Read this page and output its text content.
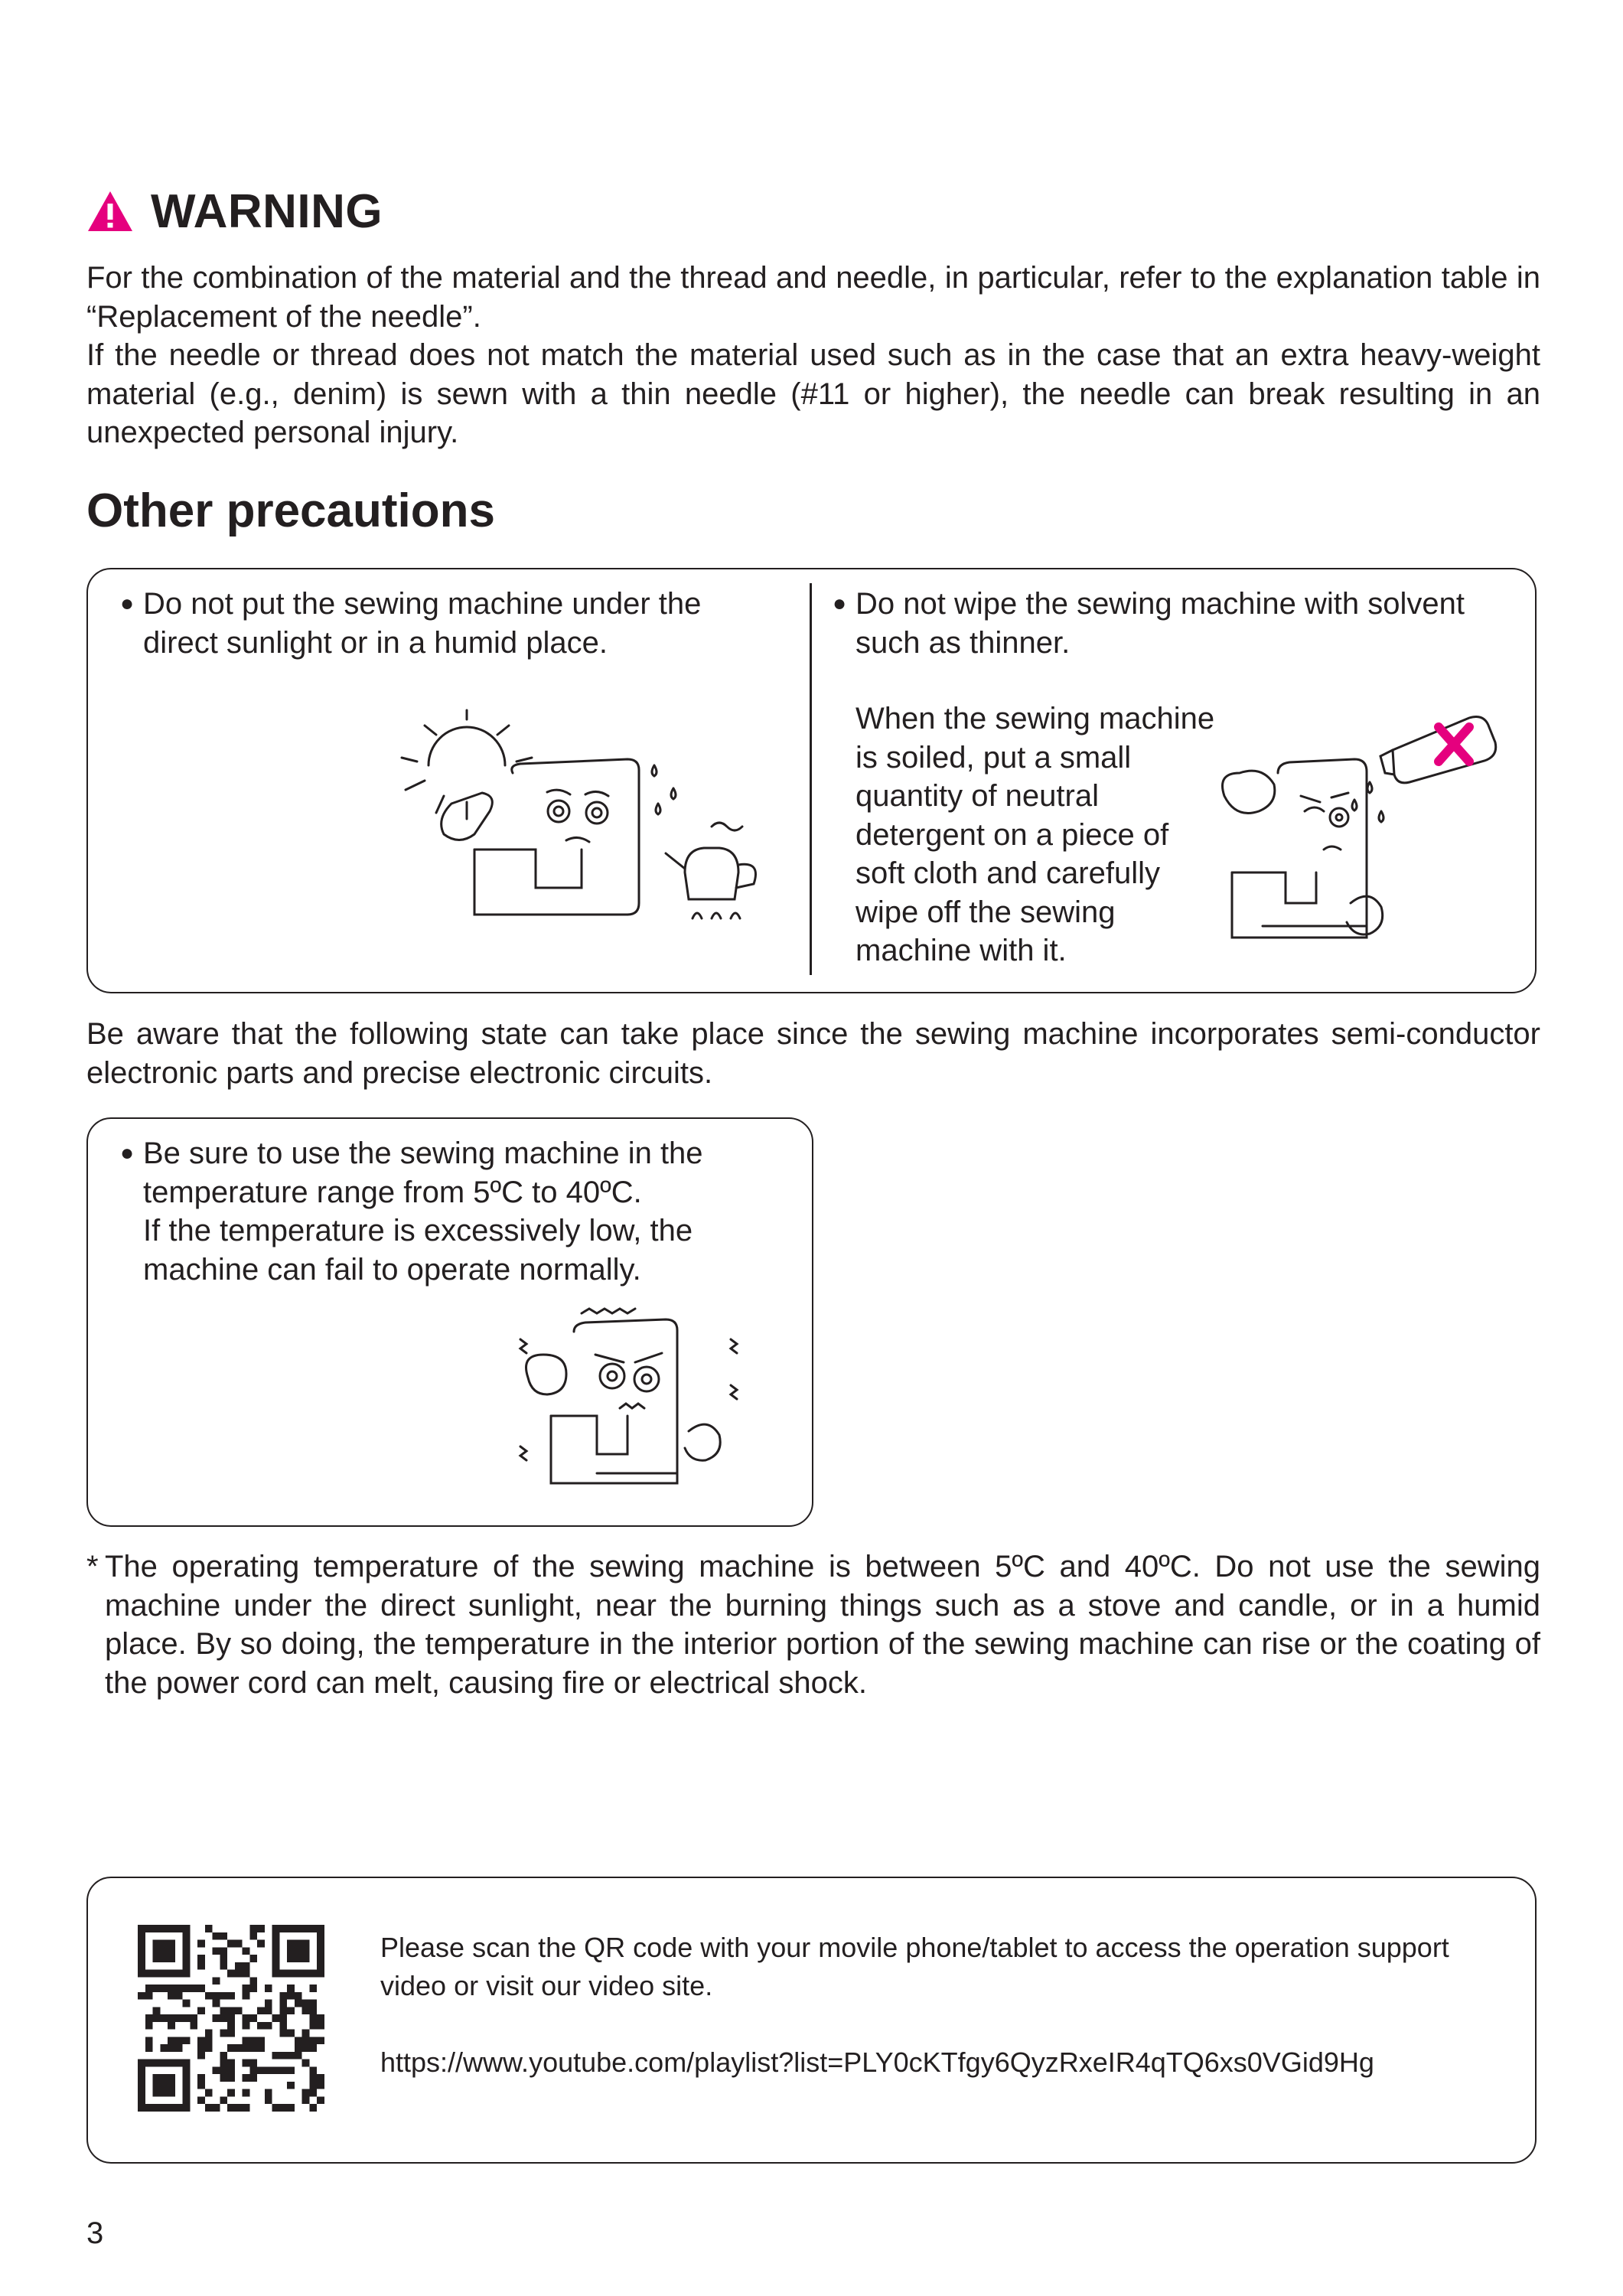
WARNING
For the combination of the material and the thread and needle, in particular, refer to the explanation table in “Replacement of the needle”.
If the needle or thread does not match the material used such as in the case that an extra heavy-weight material (e.g., denim) is sewn with a thin needle (#11 or higher), the needle can break resulting in an unexpected personal injury.
Other precautions
● Do not put the sewing machine under the direct sunlight or in a humid place.
● Do not wipe the sewing machine with solvent such as thinner.
When the sewing machine is soiled, put a small quantity of neutral detergent on a piece of soft cloth and carefully wipe off the sewing machine with it.
Be aware that the following state can take place since the sewing machine incorporates semi-conductor electronic parts and precise electronic circuits.
● Be sure to use the sewing machine in the temperature range from 5ºC to 40ºC.
If the temperature is excessively low, the machine can fail to operate normally.
* The operating temperature of the sewing machine is between 5ºC and 40ºC. Do not use the sewing machine under the direct sunlight, near the burning things such as a stove and candle, or in a humid place. By so doing, the temperature in the interior portion of the sewing machine can rise or the coating of the power cord can melt, causing fire or electrical shock.
Please scan the QR code with your movile phone/tablet to access the operation support video or visit our video site.
https://www.youtube.com/playlist?list=PLY0cKTfgy6QyzRxeIR4qTQ6xs0VGid9Hg
3
